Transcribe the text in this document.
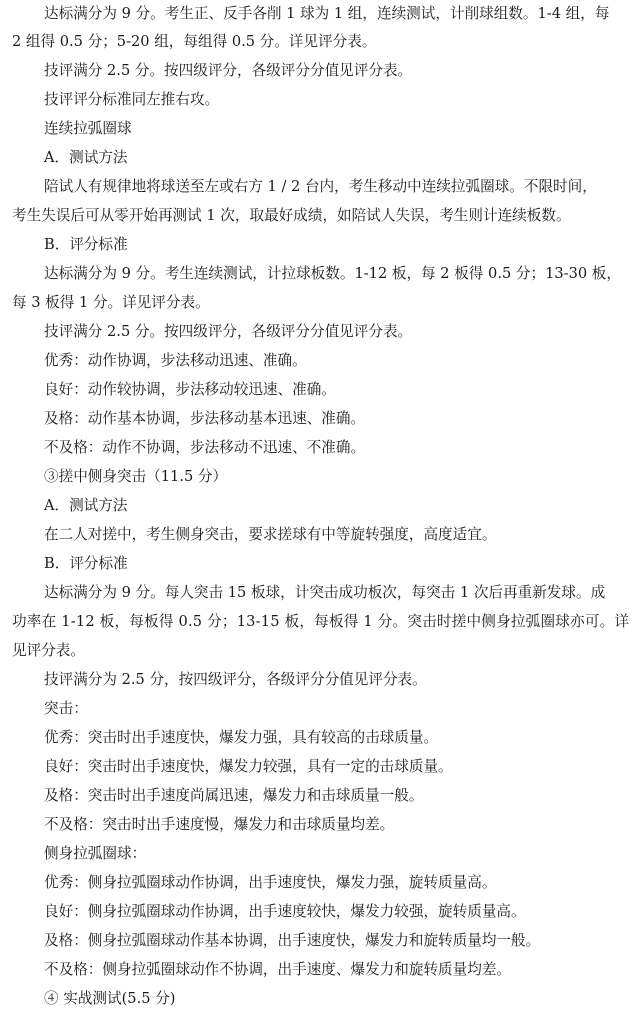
达标满分为 9 分。考生正、反手各削 1 球为 1 组，连续测试，计削球组数。1-4 组，每
2 组得 0.5 分；5-20 组，每组得 0.5 分。详见评分表。
技评满分 2.5 分。按四级评分，各级评分分值见评分表。
技评评分标准同左推右攻。
连续拉弧圈球
A．测试方法
陪试人有规律地将球送至左或右方 1 / 2 台内，考生移动中连续拉弧圈球。不限时间，
考生失误后可从零开始再测试 1 次，取最好成绩，如陪试人失误，考生则计连续板数。
B．评分标准
达标满分为 9 分。考生连续测试，计拉球板数。1-12 板，每 2 板得 0.5 分；13-30 板，
每 3 板得 1 分。详见评分表。
技评满分 2.5 分。按四级评分，各级评分分值见评分表。
优秀：动作协调，步法移动迅速、准确。
良好：动作较协调，步法移动较迅速、准确。
及格：动作基本协调，步法移动基本迅速、准确。
不及格：动作不协调，步法移动不迅速、不准确。
③搓中侧身突击（11.5 分）
A．测试方法
在二人对搓中，考生侧身突击，要求搓球有中等旋转强度，高度适宜。
B．评分标准
达标满分为 9 分。每人突击 15 板球，计突击成功板次，每突击 1 次后再重新发球。成
功率在 1-12 板，每板得 0.5 分；13-15 板，每板得 1 分。突击时搓中侧身拉弧圈球亦可。详
见评分表。
技评满分为 2.5 分，按四级评分，各级评分分值见评分表。
突击：
优秀：突击时出手速度快，爆发力强，具有较高的击球质量。
良好：突击时出手速度快，爆发力较强，具有一定的击球质量。
及格：突击时出手速度尚属迅速，爆发力和击球质量一般。
不及格：突击时出手速度慢，爆发力和击球质量均差。
侧身拉弧圈球：
优秀：侧身拉弧圈球动作协调，出手速度快，爆发力强，旋转质量高。
良好：侧身拉弧圈球动作协调，出手速度较快，爆发力较强，旋转质量高。
及格：侧身拉弧圈球动作基本协调，出手速度快，爆发力和旋转质量均一般。
不及格：侧身拉弧圈球动作不协调，出手速度、爆发力和旋转质量均差。
④ 实战测试(5.5 分)
